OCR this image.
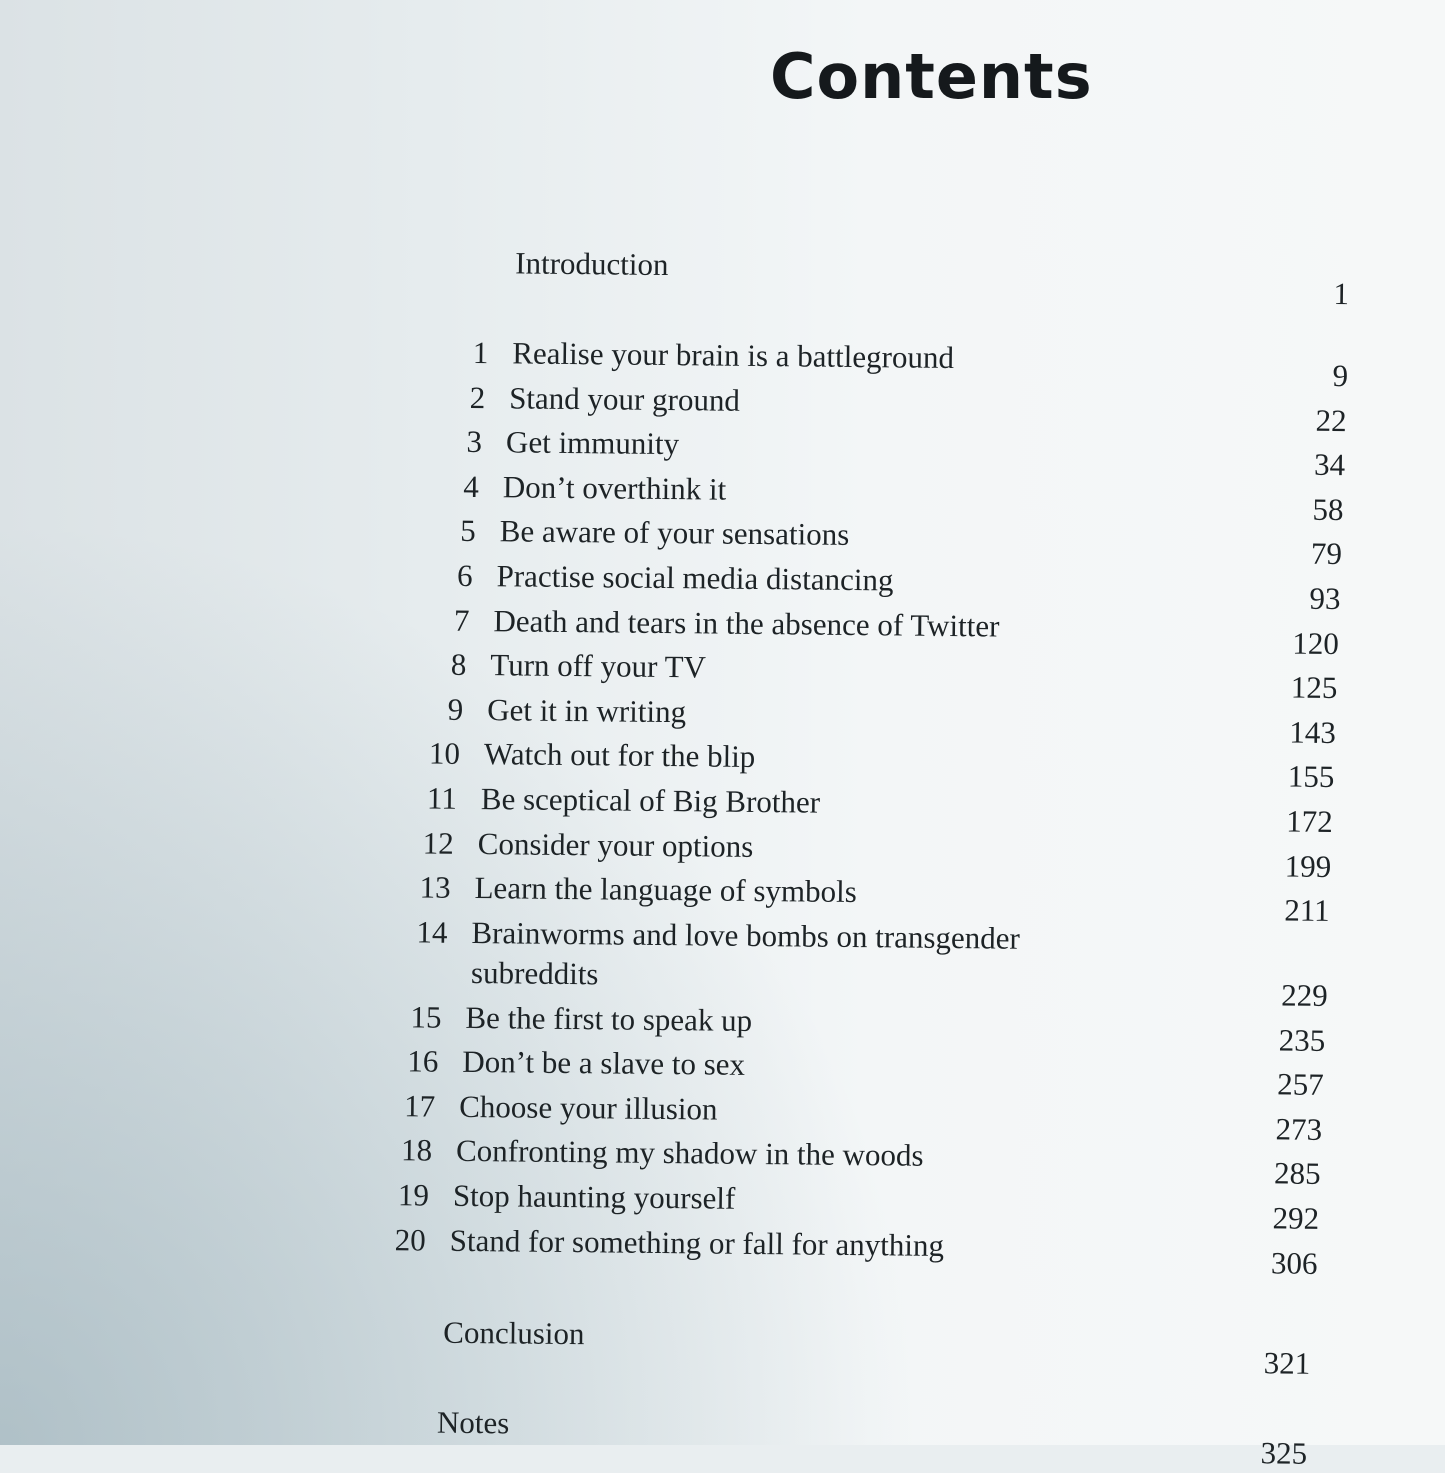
Contents
Introduction
1
1 Realise your brain is a battleground
9
2 Stand your ground
22
3 Get immunity
34
4 Don’t overthink it
58
5 Be aware of your sensations
79
6 Practise social media distancing
93
7 Death and tears in the absence of Twitter	120
8 Turn off your TV
125
9 Get it in writing
143
10 Watch out for the blip
155
11 Be sceptical of Big Brother
172
12 Consider your options
199
13 Learn the language of symbols
211
14 Brainworms and love bombs on transgender
subreddits
229
15 Be the first to speak up
235
16 Don’t be a slave to sex
257
17 Choose your illusion
273
18 Confronting my shadow in the woods
285
19 Stop haunting yourself
292
20 Stand for something or fall for anything
306
Conclusion
321
Notes
325
